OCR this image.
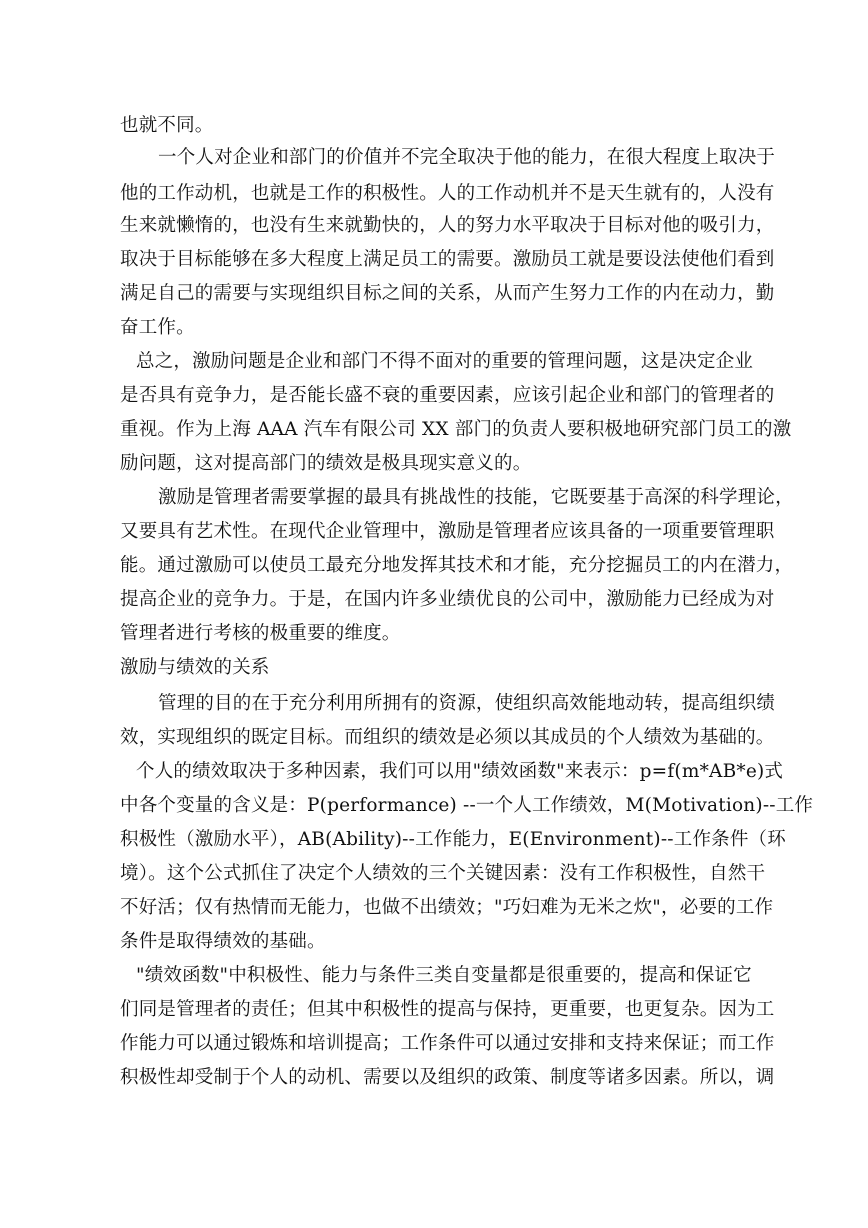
也就不同。
一个人对企业和部门的价值并不完全取决于他的能力，在很大程度上取决于
他的工作动机，也就是工作的积极性。人的工作动机并不是天生就有的，人没有
生来就懒惰的，也没有生来就勤快的，人的努力水平取决于目标对他的吸引力，
取决于目标能够在多大程度上满足员工的需要。激励员工就是要设法使他们看到
满足自己的需要与实现组织目标之间的关系，从而产生努力工作的内在动力，勤
奋工作。
总之，激励问题是企业和部门不得不面对的重要的管理问题，这是决定企业
是否具有竞争力，是否能长盛不衰的重要因素，应该引起企业和部门的管理者的
重视。作为上海 AAA 汽车有限公司 XX 部门的负责人要积极地研究部门员工的激
励问题，这对提高部门的绩效是极具现实意义的。
激励是管理者需要掌握的最具有挑战性的技能，它既要基于高深的科学理论，
又要具有艺术性。在现代企业管理中，激励是管理者应该具备的一项重要管理职
能。通过激励可以使员工最充分地发挥其技术和才能，充分挖掘员工的内在潜力，
提高企业的竞争力。于是，在国内许多业绩优良的公司中，激励能力已经成为对
管理者进行考核的极重要的维度。
激励与绩效的关系
管理的目的在于充分利用所拥有的资源，使组织高效能地动转，提高组织绩
效，实现组织的既定目标。而组织的绩效是必须以其成员的个人绩效为基础的。
个人的绩效取决于多种因素，我们可以用"绩效函数"来表示：p=f(m*AB*e)式
中各个变量的含义是：P(performance) --一个人工作绩效，M(Motivation)--工作
积极性（激励水平），AB(Ability)--工作能力，E(Environment)--工作条件（环
境）。这个公式抓住了决定个人绩效的三个关键因素：没有工作积极性，自然干
不好活；仅有热情而无能力，也做不出绩效；"巧妇难为无米之炊"，必要的工作
条件是取得绩效的基础。
"绩效函数"中积极性、能力与条件三类自变量都是很重要的，提高和保证它
们同是管理者的责任；但其中积极性的提高与保持，更重要，也更复杂。因为工
作能力可以通过锻炼和培训提高；工作条件可以通过安排和支持来保证；而工作
积极性却受制于个人的动机、需要以及组织的政策、制度等诸多因素。所以，调
